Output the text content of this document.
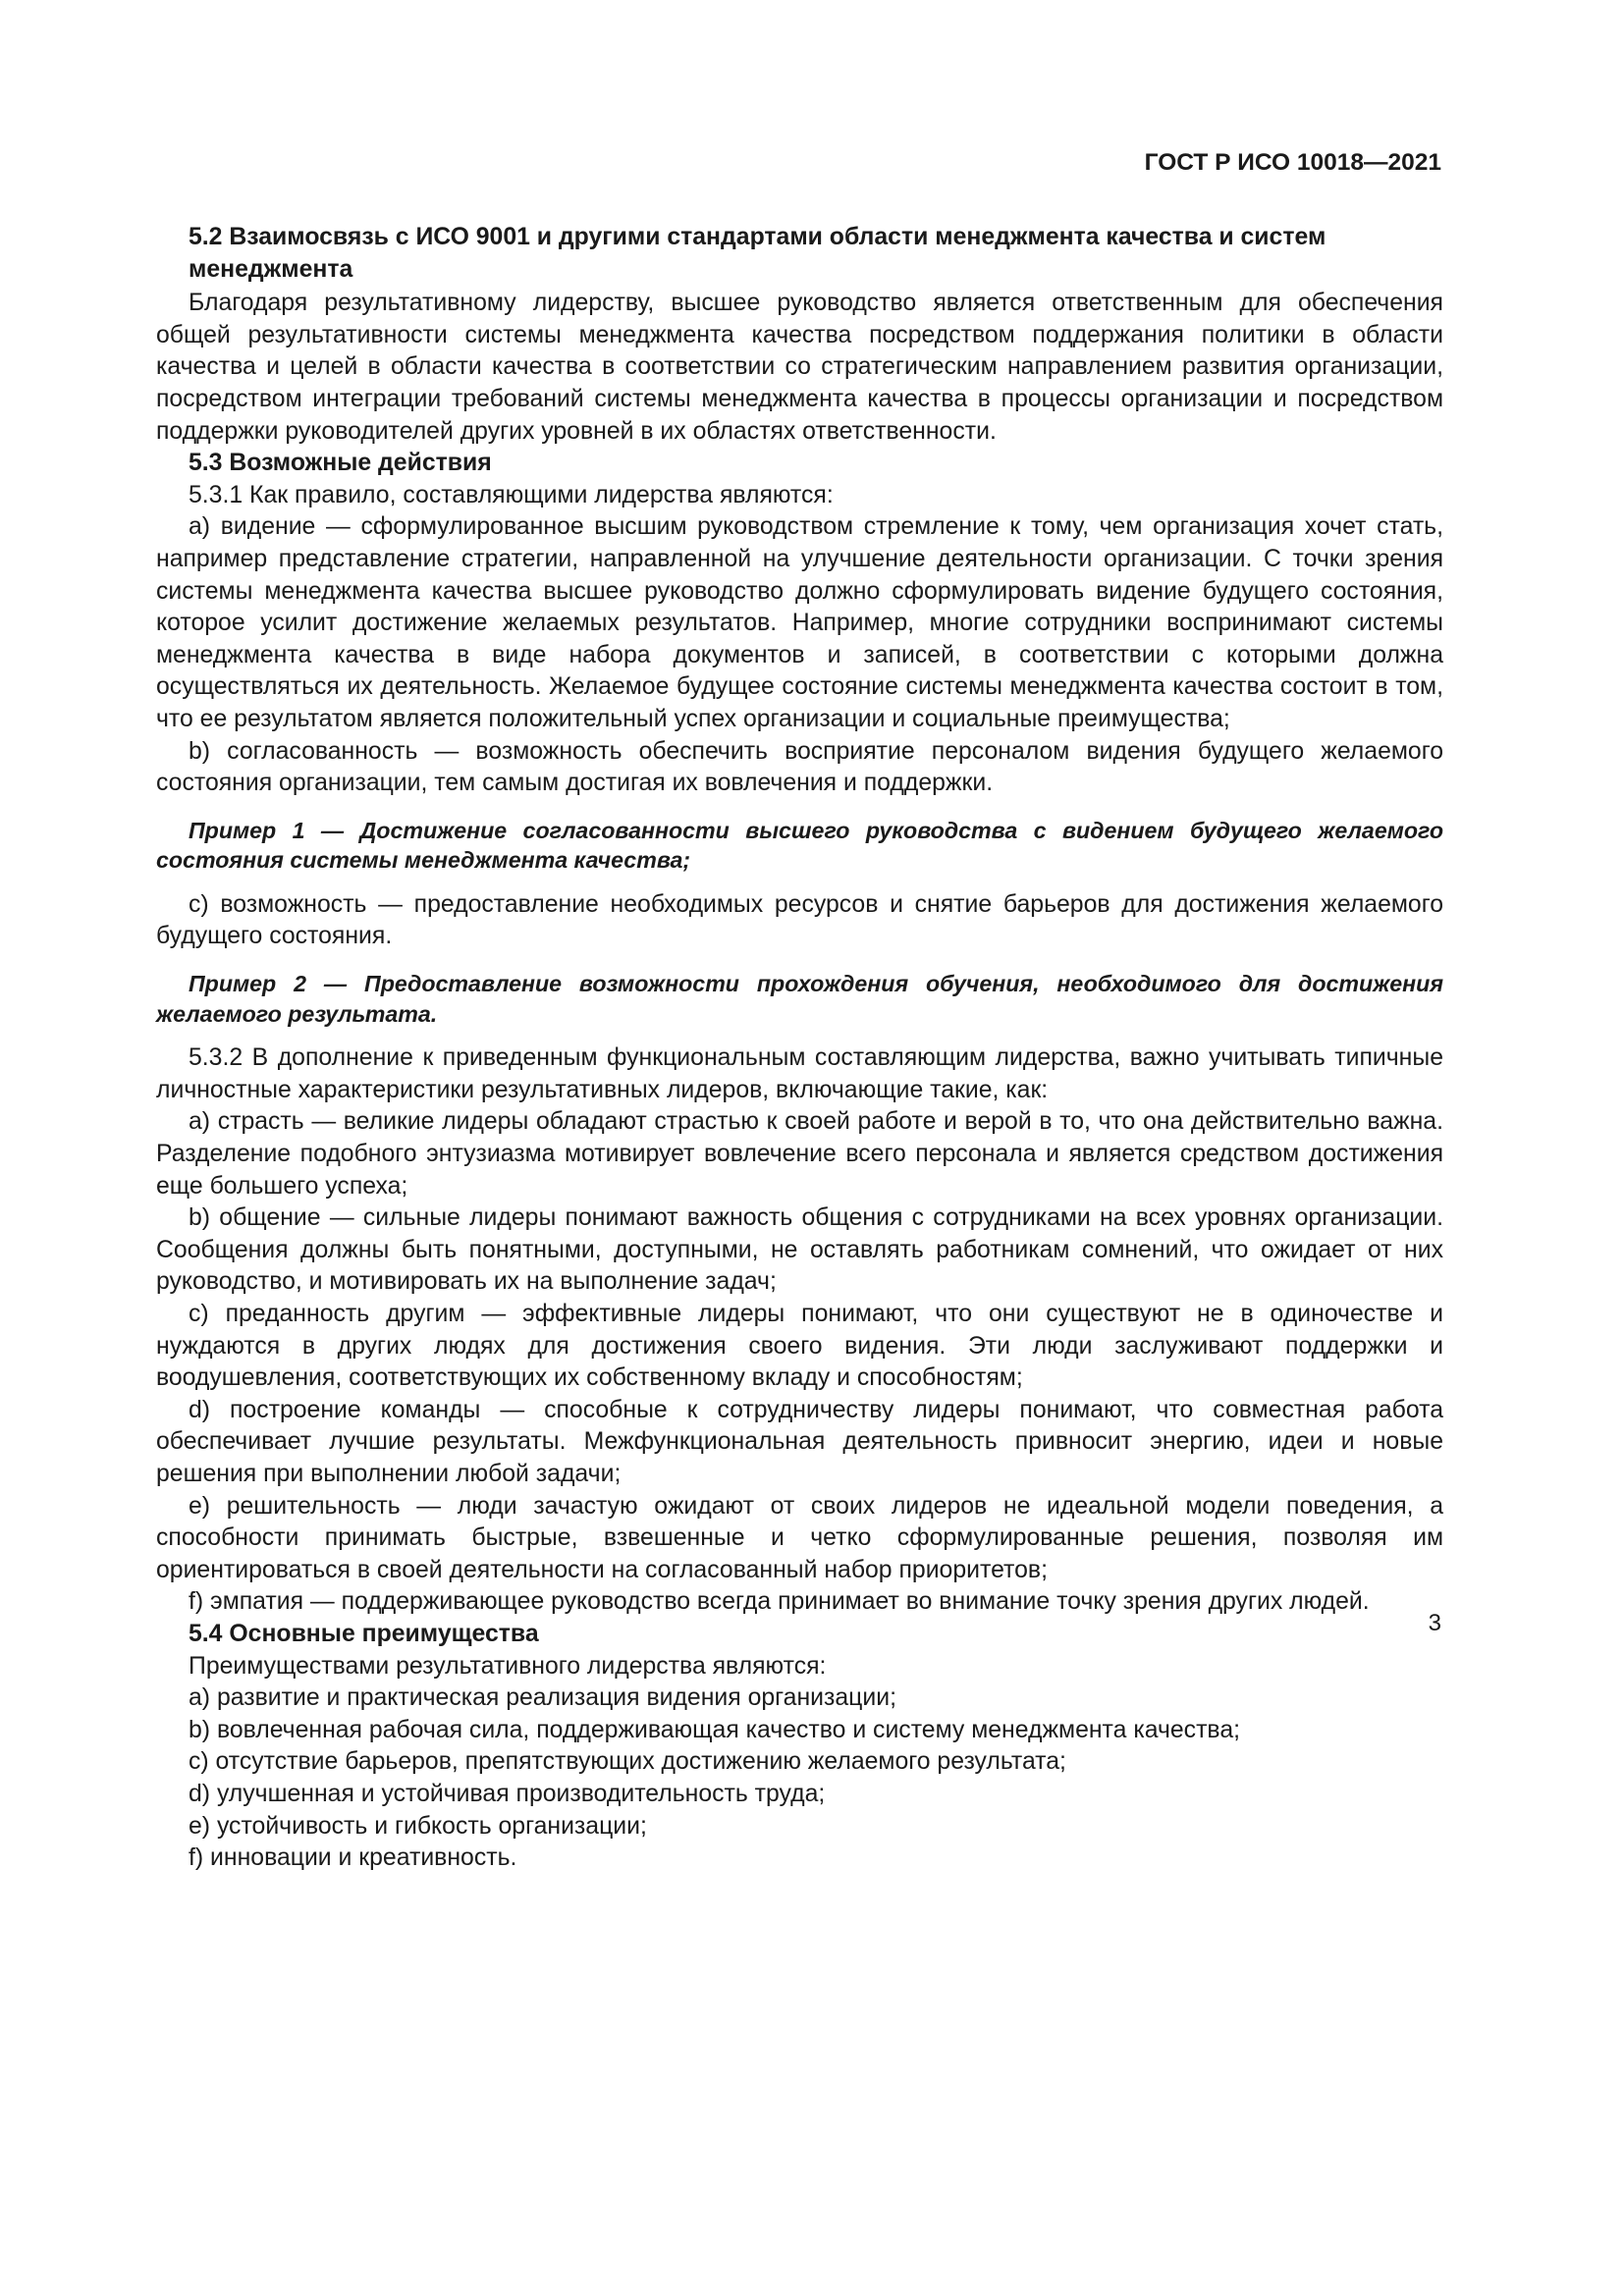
ГОСТ Р ИСО 10018—2021

5.2 Взаимосвязь с ИСО 9001 и другими стандартами области менеджмента качества и систем менеджмента

Благодаря результативному лидерству, высшее руководство является ответственным для обеспечения общей результативности системы менеджмента качества посредством поддержания политики в области качества и целей в области качества в соответствии со стратегическим направлением развития организации, посредством интеграции требований системы менеджмента качества в процессы организации и посредством поддержки руководителей других уровней в их областях ответственности.

5.3 Возможные действия

5.3.1 Как правило, составляющими лидерства являются:

a) видение — сформулированное высшим руководством стремление к тому, чем организация хочет стать, например представление стратегии, направленной на улучшение деятельности организации. С точки зрения системы менеджмента качества высшее руководство должно сформулировать видение будущего состояния, которое усилит достижение желаемых результатов. Например, многие сотрудники воспринимают системы менеджмента качества в виде набора документов и записей, в соответствии с которыми должна осуществляться их деятельность. Желаемое будущее состояние системы менеджмента качества состоит в том, что ее результатом является положительный успех организации и социальные преимущества;

b) согласованность — возможность обеспечить восприятие персоналом видения будущего желаемого состояния организации, тем самым достигая их вовлечения и поддержки.

Пример 1 — Достижение согласованности высшего руководства с видением будущего желаемого состояния системы менеджмента качества;

c) возможность — предоставление необходимых ресурсов и снятие барьеров для достижения желаемого будущего состояния.

Пример 2 — Предоставление возможности прохождения обучения, необходимого для достижения желаемого результата.

5.3.2 В дополнение к приведенным функциональным составляющим лидерства, важно учитывать типичные личностные характеристики результативных лидеров, включающие такие, как:

a) страсть — великие лидеры обладают страстью к своей работе и верой в то, что она действительно важна. Разделение подобного энтузиазма мотивирует вовлечение всего персонала и является средством достижения еще большего успеха;

b) общение — сильные лидеры понимают важность общения с сотрудниками на всех уровнях организации. Сообщения должны быть понятными, доступными, не оставлять работникам сомнений, что ожидает от них руководство, и мотивировать их на выполнение задач;

c) преданность другим — эффективные лидеры понимают, что они существуют не в одиночестве и нуждаются в других людях для достижения своего видения. Эти люди заслуживают поддержки и воодушевления, соответствующих их собственному вкладу и способностям;

d) построение команды — способные к сотрудничеству лидеры понимают, что совместная работа обеспечивает лучшие результаты. Межфункциональная деятельность привносит энергию, идеи и новые решения при выполнении любой задачи;

e) решительность — люди зачастую ожидают от своих лидеров не идеальной модели поведения, а способности принимать быстрые, взвешенные и четко сформулированные решения, позволяя им ориентироваться в своей деятельности на согласованный набор приоритетов;

f) эмпатия — поддерживающее руководство всегда принимает во внимание точку зрения других людей.

5.4 Основные преимущества

Преимуществами результативного лидерства являются:

a) развитие и практическая реализация видения организации;

b) вовлеченная рабочая сила, поддерживающая качество и систему менеджмента качества;

c) отсутствие барьеров, препятствующих достижению желаемого результата;

d) улучшенная и устойчивая производительность труда;

e) устойчивость и гибкость организации;

f) инновации и креативность.

3
